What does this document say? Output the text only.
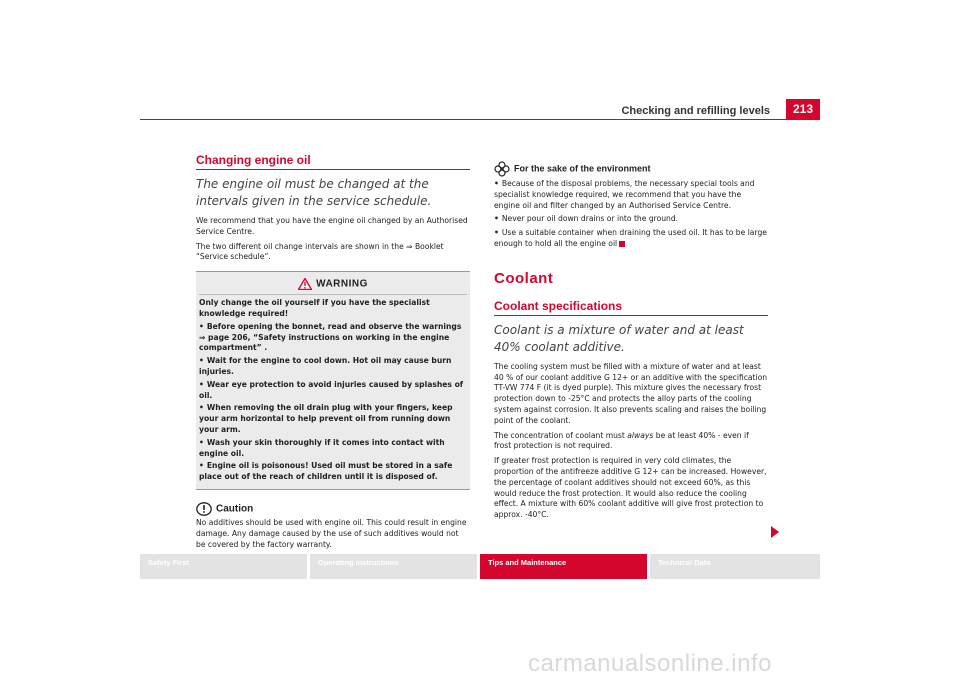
Checking and refilling levels	213
Changing engine oil
The engine oil must be changed at the intervals given in the service schedule.
We recommend that you have the engine oil changed by an Authorised Service Centre.
The two different oil change intervals are shown in the ⇒ Booklet “Service schedule”.
WARNING
Only change the oil yourself if you have the specialist knowledge required!
• Before opening the bonnet, read and observe the warnings ⇒ page 206, “Safety instructions on working in the engine compartment” .
• Wait for the engine to cool down. Hot oil may cause burn injuries.
• Wear eye protection to avoid injuries caused by splashes of oil.
• When removing the oil drain plug with your fingers, keep your arm horizontal to help prevent oil from running down your arm.
• Wash your skin thoroughly if it comes into contact with engine oil.
• Engine oil is poisonous! Used oil must be stored in a safe place out of the reach of children until it is disposed of.
Caution
No additives should be used with engine oil. This could result in engine damage. Any damage caused by the use of such additives would not be covered by the factory warranty.
For the sake of the environment
• Because of the disposal problems, the necessary special tools and specialist knowledge required, we recommend that you have the engine oil and filter changed by an Authorised Service Centre.
• Never pour oil down drains or into the ground.
• Use a suitable container when draining the used oil. It has to be large enough to hold all the engine oil
Coolant
Coolant specifications
Coolant is a mixture of water and at least 40% coolant additive.
The cooling system must be filled with a mixture of water and at least 40 % of our coolant additive G 12+ or an additive with the specification TT-VW 774 F (it is dyed purple). This mixture gives the necessary frost protection down to -25°C and protects the alloy parts of the cooling system against corrosion. It also prevents scaling and raises the boiling point of the coolant.
The concentration of coolant must always be at least 40% - even if frost protection is not required.
If greater frost protection is required in very cold climates, the proportion of the antifreeze additive G 12+ can be increased. However, the percentage of coolant additives should not exceed 60%, as this would reduce the frost protection. It would also reduce the cooling effect. A mixture with 60% coolant additive will give frost protection to approx. -40°C.
Safety First	Operating instructions	Tips and Maintenance	Technical Data
carmanualsonline.info
